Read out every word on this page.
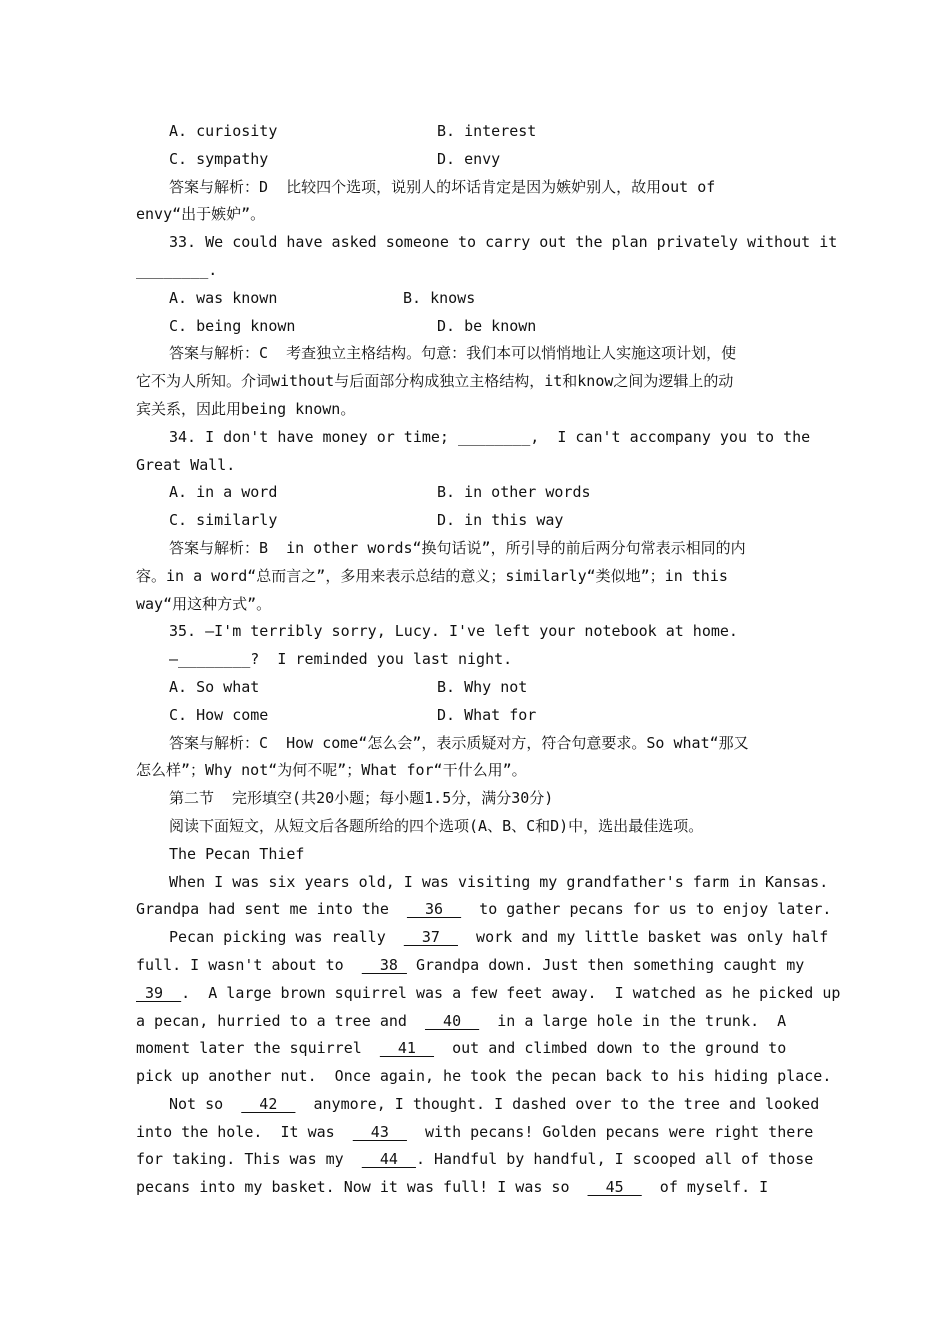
A. curiosity	B. interest
C. sympathy	D. envy
答案与解析：D  比较四个选项，说别人的坏话肯定是因为嫉妒别人，故用out of
envy“出于嫉妒”。
33. We could have asked someone to carry out the plan privately without it
________.
A. was known	B. knows
C. being known	D. be known
答案与解析：C  考查独立主格结构。句意：我们本可以悄悄地让人实施这项计划，使
它不为人所知。介词without与后面部分构成独立主格结构，it和know之间为逻辑上的动
宾关系，因此用being known。
34. I don't have money or time; ________,  I can't accompany you to the
Great Wall.
A. in a word	B. in other words
C. similarly	D. in this way
答案与解析：B  in other words“换句话说”，所引导的前后两分句常表示相同的内
容。in a word“总而言之”，多用来表示总结的意义；similarly“类似地”；in this
way“用这种方式”。
35. —I'm terribly sorry, Lucy. I've left your notebook at home.
—________?  I reminded you last night.
A. So what	B. Why not
C. How come	D. What for
答案与解析：C  How come“怎么会”，表示质疑对方，符合句意要求。So what“那又
怎么样”；Why not“为何不呢”；What for“干什么用”。
第二节  完形填空(共20小题；每小题1.5分，满分30分)
阅读下面短文，从短文后各题所给的四个选项(A、B、C和D)中，选出最佳选项。
The Pecan Thief
When I was six years old, I was visiting my grandfather's farm in Kansas.
Grandpa had sent me into the    36    to gather pecans for us to enjoy later.
Pecan picking was really    37    work and my little basket was only half
full. I wasn't about to    38  Grandpa down. Just then something caught my
39  .  A large brown squirrel was a few feet away.  I watched as he picked up
a pecan, hurried to a tree and    40    in a large hole in the trunk.  A
moment later the squirrel    41    out and climbed down to the ground to
pick up another nut.  Once again, he took the pecan back to his hiding place.
Not so    42    anymore, I thought. I dashed over to the tree and looked
into the hole.  It was    43    with pecans! Golden pecans were right there
for taking. This was my    44  . Handful by handful, I scooped all of those
pecans into my basket. Now it was full! I was so    45    of myself. I
